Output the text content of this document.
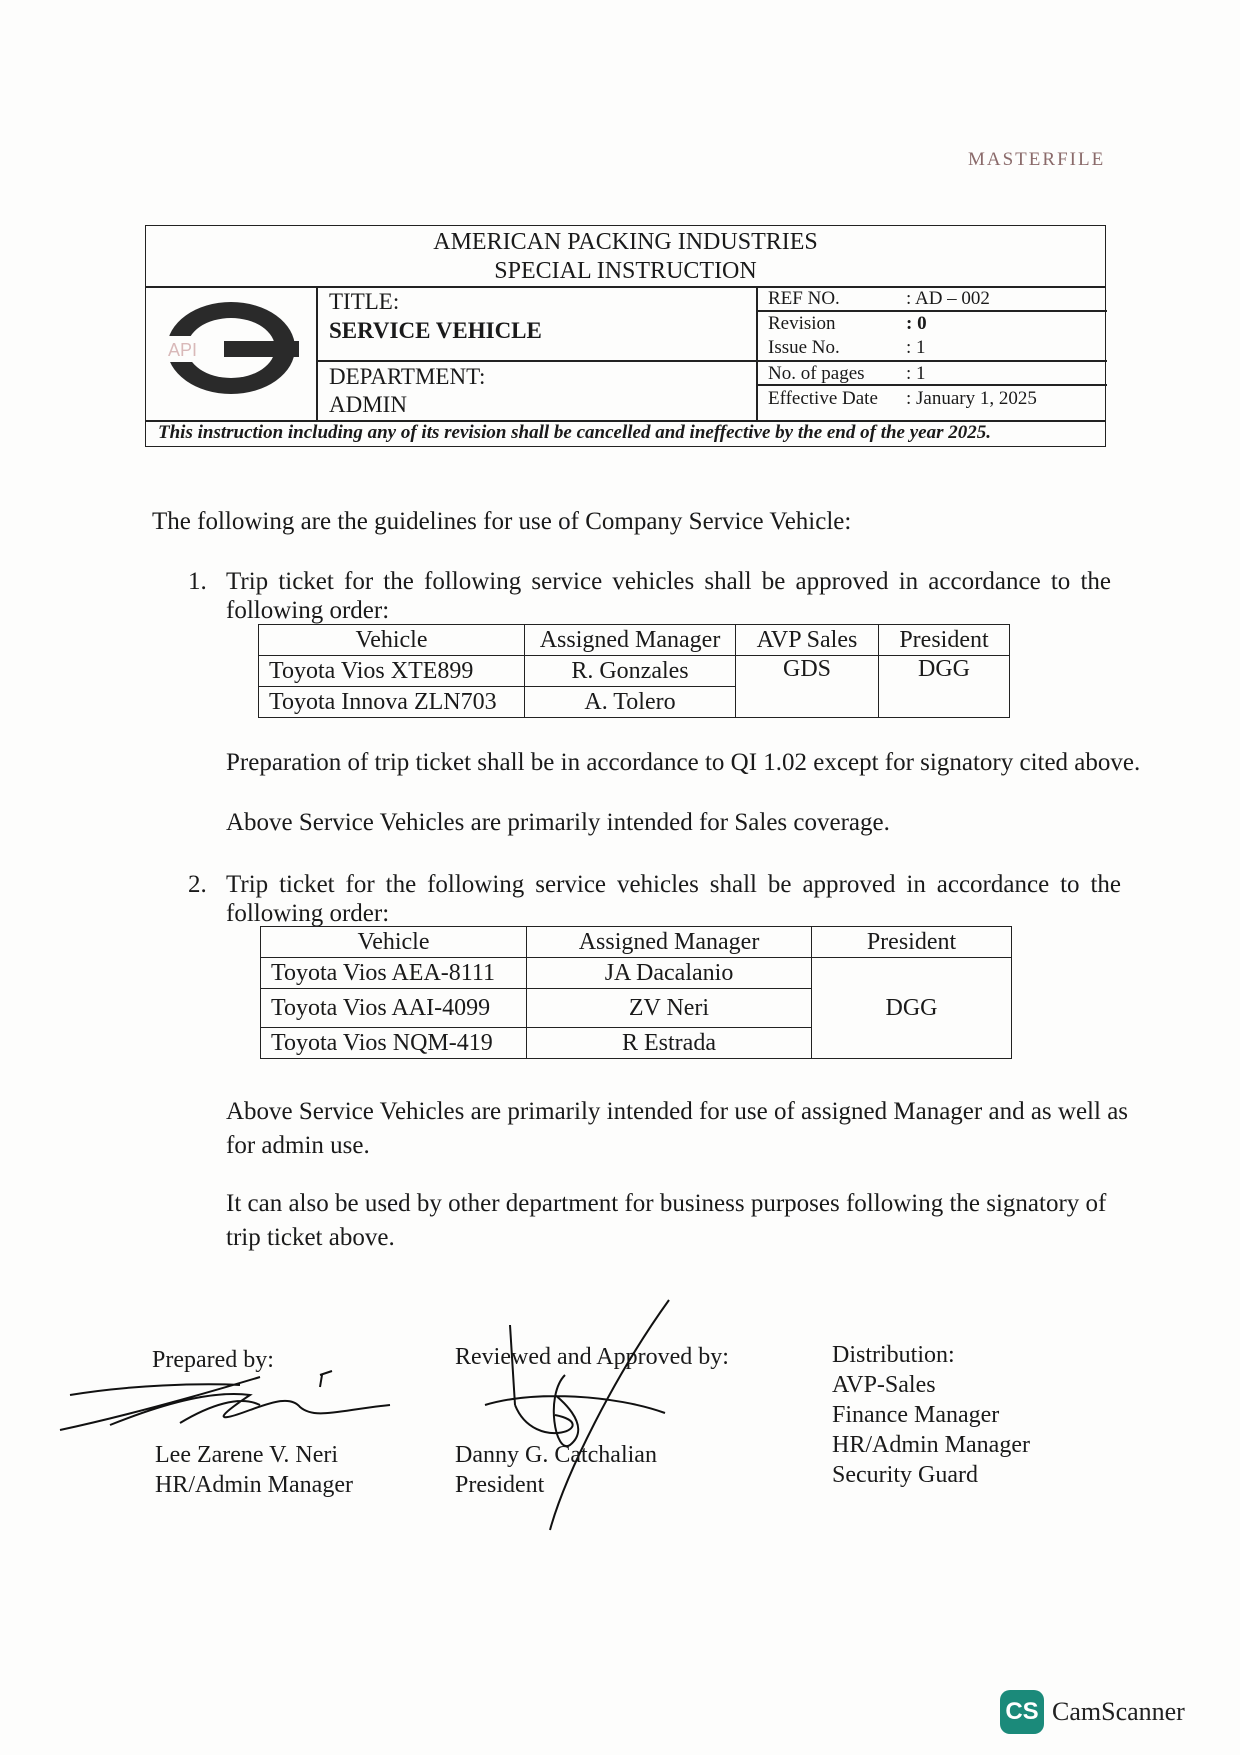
MASTERFILE
AMERICAN PACKING INDUSTRIES
SPECIAL INSTRUCTION
API
TITLE:
SERVICE VEHICLE
DEPARTMENT:
ADMIN
REF NO.	: AD – 002
Revision	: 0
Issue No.	: 1
No. of pages : 1
Effective Date : January 1, 2025
This instruction including any of its revision shall be cancelled and ineffective by the end of the year 2025.
The following are the guidelines for use of Company Service Vehicle:
1. Trip ticket for the following service vehicles shall be approved in accordance to the
following order:
Vehicle	Assigned Manager	AVP Sales	President
Toyota Vios XTE899	R. Gonzales	GDS	DGG
Toyota Innova ZLN703	A. Tolero		
Preparation of trip ticket shall be in accordance to QI 1.02 except for signatory cited above.
Above Service Vehicles are primarily intended for Sales coverage.
2. Trip ticket for the following service vehicles shall be approved in accordance to the
following order:
Vehicle	Assigned Manager	President
Toyota Vios AEA-8111	JA Dacalanio	DGG
Toyota Vios AAI-4099	ZV Neri	
Toyota Vios NQM-419	R Estrada	
Above Service Vehicles are primarily intended for use of assigned Manager and as well as
for admin use.
It can also be used by other department for business purposes following the signatory of
trip ticket above.
Prepared by:
Lee Zarene V. Neri
HR/Admin Manager
Reviewed and Approved by:
Danny G. Catchalian
President
Distribution:
AVP-Sales
Finance Manager
HR/Admin Manager
Security Guard
CS CamScanner
